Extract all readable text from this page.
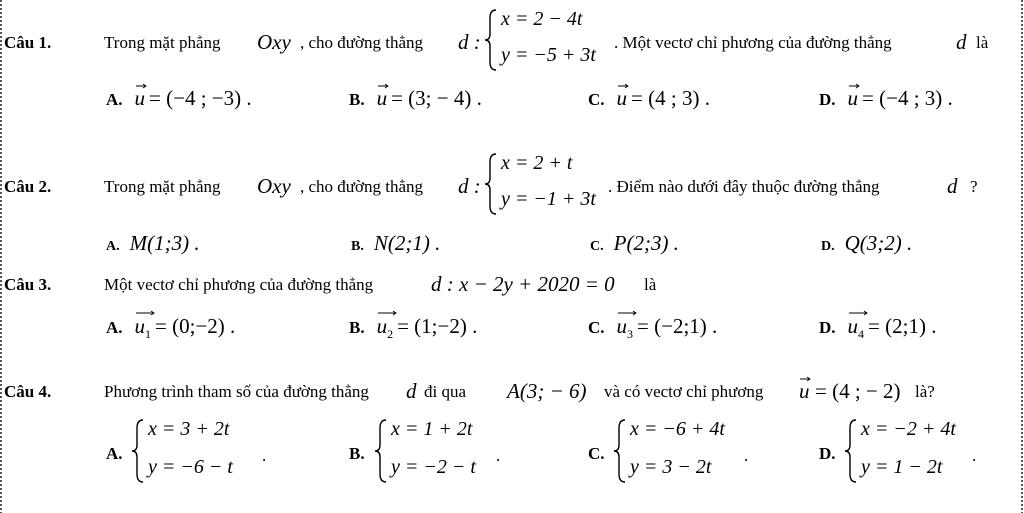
Câu 1.	Trong mặt phẳng Oxy , cho đường thẳng d :
x = 2 − 4t
y = −5 + 3t
. Một vectơ chỉ phương của đường thẳng	d là
A. u = (−4 ; −3) .	B. u = (3; − 4) .	C. u = (4 ; 3) .	D. u = (−4 ; 3) .
Câu 2.	Trong mặt phẳng Oxy , cho đường thẳng d :
x = 2 + t
y = −1 + 3t
. Điểm nào dưới đây thuộc đường thẳng	d ?
A. M(1;3) .	B. N(2;1) .	C. P(2;3) .	D. Q(3;2) .
Câu 3.	Một vectơ chỉ phương của đường thẳng	d : x − 2y + 2020 = 0 là
A. $u_1$ = (0;−2) .	B. $u_2$ = (1;−2) .	C. $u_3$ = (−2;1) .	D. $u_4$ = (2;1) .
Câu 4.	Phương trình tham số của đường thẳng d đi qua A(3; − 6) và có vectơ chỉ phương u = (4 ; − 2) là?
A.
x = 3 + 2t
y = −6 − t
.	B.
x = 1 + 2t
y = −2 − t
.	C.
x = −6 + 4t
y = 3 − 2t
.	D.
x = −2 + 4t
y = 1 − 2t
.
